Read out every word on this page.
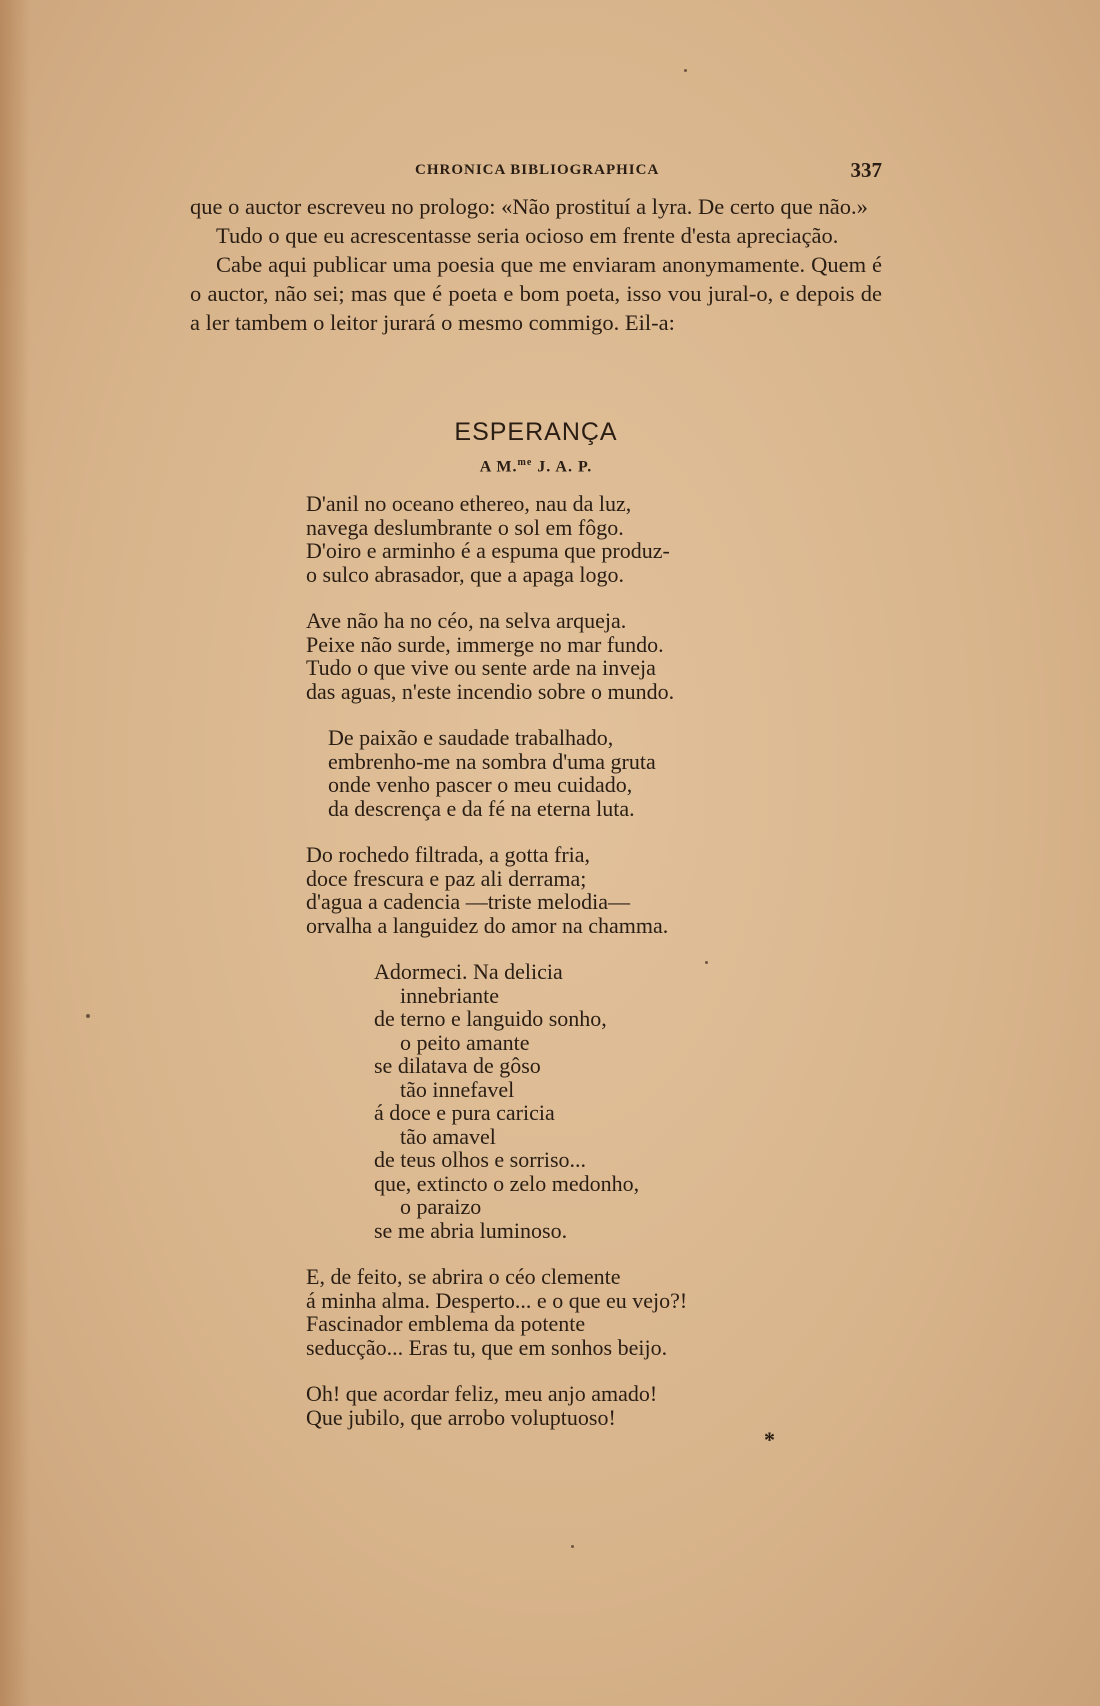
CHRONICA BIBLIOGRAPHICA	337

que o auctor escreveu no prologo: «Não prostituí a lyra. De certo que não.»

Tudo o que eu acrescentasse seria ocioso em frente d'esta apreciação.

Cabe aqui publicar uma poesia que me enviaram anonymamente. Quem é o auctor, não sei; mas que é poeta e bom poeta, isso vou jural-o, e depois de a ler tambem o leitor jurará o mesmo commigo. Eil-a:

ESPERANÇA
A M.$^{me}$ J. A. P.
D'anil no oceano ethereo, nau da luz,
navega deslumbrante o sol em fôgo.
D'oiro e arminho é a espuma que produz-
o sulco abrasador, que a apaga logo.
Ave não ha no céo, na selva arqueja.
Peixe não surde, immerge no mar fundo.
Tudo o que vive ou sente arde na inveja
das aguas, n'este incendio sobre o mundo.
De paixão e saudade trabalhado,
embrenho-me na sombra d'uma gruta
onde venho pascer o meu cuidado,
da descrença e da fé na eterna luta.
Do rochedo filtrada, a gotta fria,
doce frescura e paz ali derrama;
d'agua a cadencia —triste melodia—
orvalha a languidez do amor na chamma.
Adormeci. Na delicia
innebriante
de terno e languido sonho,
o peito amante
se dilatava de gôso
tão innefavel
á doce e pura caricia
tão amavel
de teus olhos e sorriso...
que, extincto o zelo medonho,
o paraizo
se me abria luminoso.
E, de feito, se abrira o céo clemente
á minha alma. Desperto... e o que eu vejo?!
Fascinador emblema da potente
seducção... Eras tu, que em sonhos beijo.
Oh! que acordar feliz, meu anjo amado!
Que jubilo, que arrobo voluptuoso!
*
